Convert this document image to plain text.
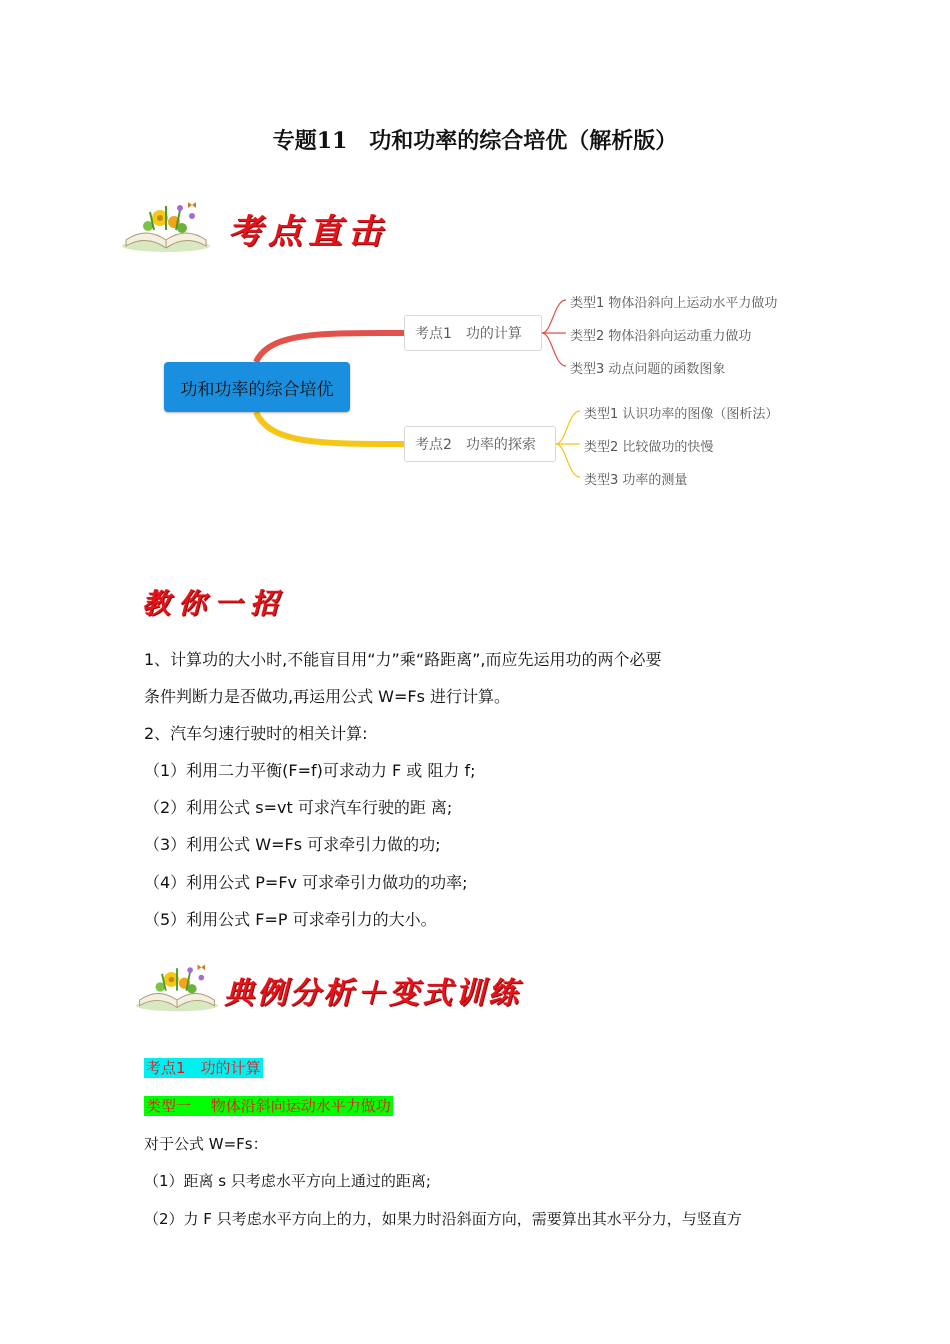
专题11　功和功率的综合培优（解析版）
考点直击
功和功率的综合培优
考点1　功的计算
考点2　功率的探索
类型1 物体沿斜向上运动水平力做功
类型2 物体沿斜向运动重力做功
类型3 动点问题的函数图象
类型1 认识功率的图像（图析法）
类型2 比较做功的快慢
类型3 功率的测量
教你一招
1、计算功的大小时,不能盲目用“力”乘“路距离”,而应先运用功的两个必要
条件判断力是否做功,再运用公式 W=Fs 进行计算。
2、汽车匀速行驶时的相关计算:
（1）利用二力平衡(F=f)可求动力 F 或 阻力 f;
（2）利用公式 s=vt 可求汽车行驶的距 离;
（3）利用公式 W=Fs 可求牵引力做的功;
（4）利用公式 P=Fv 可求牵引力做功的功率;
（5）利用公式 F=P 可求牵引力的大小。
典例分析＋变式训练
考点1　功的计算
类型一　 物体沿斜向运动水平力做功
对于公式 W=Fs：
（1）距离 s 只考虑水平方向上通过的距离;
（2）力 F 只考虑水平方向上的力，如果力时沿斜面方向，需要算出其水平分力，与竖直方
